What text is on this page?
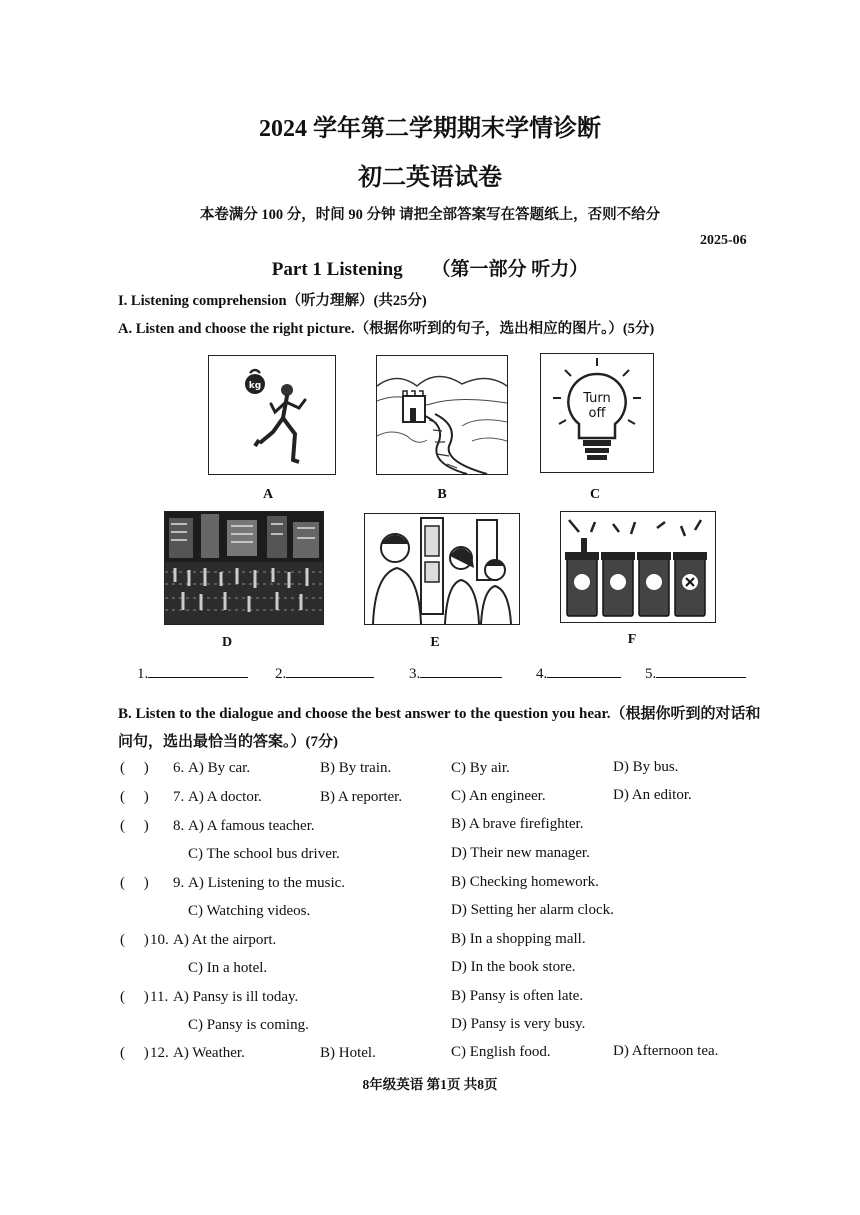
2024 学年第二学期期末学情诊断
初二英语试卷
本卷满分 100 分，时间 90 分钟 请把全部答案写在答题纸上，否则不给分
2025-06
Part 1 Listening （第一部分 听力）
I. Listening comprehension（听力理解）(共25分)
A. Listen and choose the right picture.（根据你听到的句子，选出相应的图片。）(5分)
kg
Turn
off
A	B	C
D	E	F
1.	2.	3.	4.	5.
B. Listen to the dialogue and choose the best answer to the question you hear.（根据你听到的对话和问句，选出最恰当的答案。）(7分)
(     ) 6. A) By car.	B) By train.	C) By air.	D) By bus.
(     ) 7. A) A doctor.	B) A reporter.	C) An engineer.	D) An editor.
(     ) 8. A) A famous teacher.	B) A brave firefighter.
C) The school bus driver.	D) Their new manager.
(     ) 9. A) Listening to the music.	B) Checking homework.
C) Watching videos.	D) Setting her alarm clock.
(     ) 10. A) At the airport.	B) In a shopping mall.
C) In a hotel.	D) In the book store.
(     ) 11. A) Pansy is ill today.	B) Pansy is often late.
C) Pansy is coming.	D) Pansy is very busy.
(     ) 12. A) Weather.	B) Hotel.	C) English food.	D) Afternoon tea.
8年级英语 第1页 共8页
